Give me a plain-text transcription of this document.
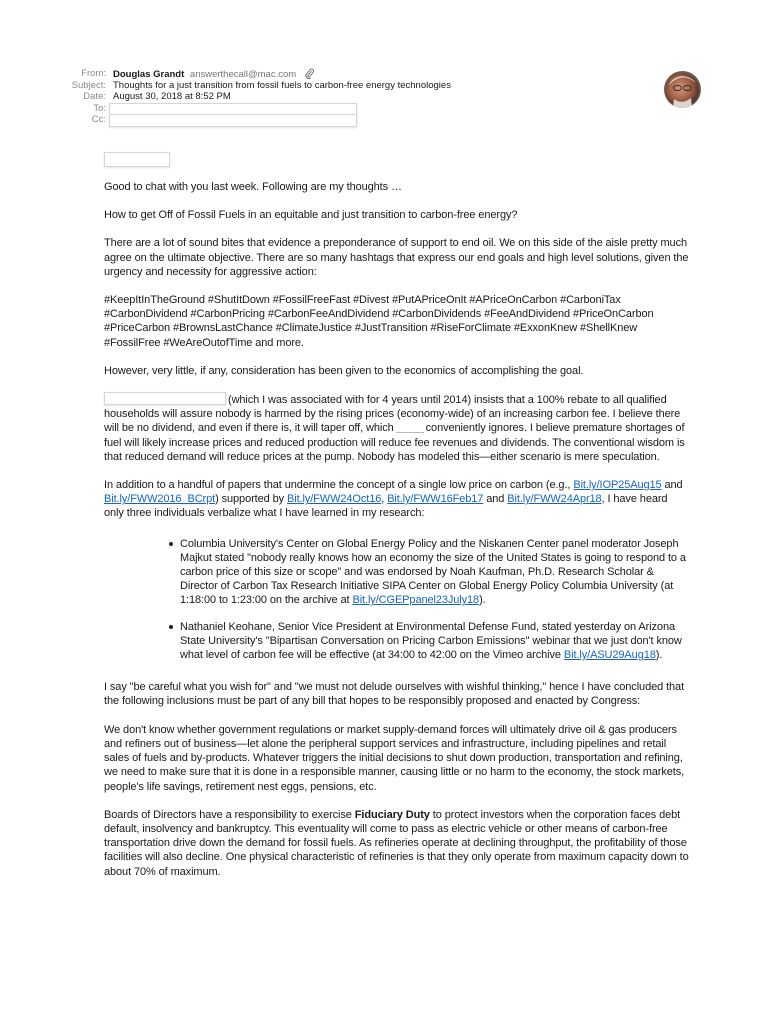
From: Douglas Grandt answerthecall@mac.com
Subject: Thoughts for a just transition from fossil fuels to carbon-free energy technologies
Date: August 30, 2018 at 8:52 PM
To:
Cc:

Good to chat with you last week. Following are my thoughts …

How to get Off of Fossil Fuels in an equitable and just transition to carbon-free energy?

There are a lot of sound bites that evidence a preponderance of support to end oil. We on this side of the aisle pretty much agree on the ultimate objective. There are so many hashtags that express our end goals and high level solutions, given the urgency and necessity for aggressive action:

#KeepItInTheGround #ShutItDown #FossilFreeFast #Divest #PutAPriceOnIt #APriceOnCarbon #CarboniTax #CarbonDividend #CarbonPricing #CarbonFeeAndDividend #CarbonDividends #FeeAndDividend #PriceOnCarbon #PriceCarbon #BrownsLastChance #ClimateJustice #JustTransition #RiseForClimate #ExxonKnew #ShellKnew #FossilFree #WeAreOutofTime and more.

However, very little, if any, consideration has been given to the economics of accomplishing the goal.

(which I was associated with for 4 years until 2014) insists that a 100% rebate to all qualified households will assure nobody is harmed by the rising prices (economy-wide) of an increasing carbon fee. I believe there will be no dividend, and even if there is, it will taper off, which	conveniently ignores. I believe premature shortages of fuel will likely increase prices and reduced production will reduce fee revenues and dividends. The conventional wisdom is that reduced demand will reduce prices at the pump. Nobody has modeled this—either scenario is mere speculation.

In addition to a handful of papers that undermine the concept of a single low price on carbon (e.g., Bit.ly/IOP25Aug15 and Bit.ly/FWW2016_BCrpt) supported by Bit.ly/FWW24Oct16, Bit.ly/FWW16Feb17 and Bit.ly/FWW24Apr18, I have heard only three individuals verbalize what I have learned in my research:

Columbia University's Center on Global Energy Policy and the Niskanen Center panel moderator Joseph Majkut stated "nobody really knows how an economy the size of the United States is going to respond to a carbon price of this size or scope" and was endorsed by Noah Kaufman, Ph.D. Research Scholar & Director of Carbon Tax Research Initiative SIPA Center on Global Energy Policy Columbia University (at 1:18:00 to 1:23:00 on the archive at Bit.ly/CGEPpanel23July18).
Nathaniel Keohane, Senior Vice President at Environmental Defense Fund, stated yesterday on Arizona State University's "Bipartisan Conversation on Pricing Carbon Emissions" webinar that we just don't know what level of carbon fee will be effective (at 34:00 to 42:00 on the Vimeo archive Bit.ly/ASU29Aug18).

I say "be careful what you wish for" and "we must not delude ourselves with wishful thinking," hence I have concluded that the following inclusions must be part of any bill that hopes to be responsibly proposed and enacted by Congress:

We don't know whether government regulations or market supply-demand forces will ultimately drive oil & gas producers and refiners out of business—let alone the peripheral support services and infrastructure, including pipelines and retail sales of fuels and by-products. Whatever triggers the initial decisions to shut down production, transportation and refining, we need to make sure that it is done in a responsible manner, causing little or no harm to the economy, the stock markets, people's life savings, retirement nest eggs, pensions, etc.

Boards of Directors have a responsibility to exercise Fiduciary Duty to protect investors when the corporation faces debt default, insolvency and bankruptcy. This eventuality will come to pass as electric vehicle or other means of carbon-free transportation drive down the demand for fossil fuels. As refineries operate at declining throughput, the profitability of those facilities will also decline. One physical characteristic of refineries is that they only operate from maximum capacity down to about 70% of maximum.
